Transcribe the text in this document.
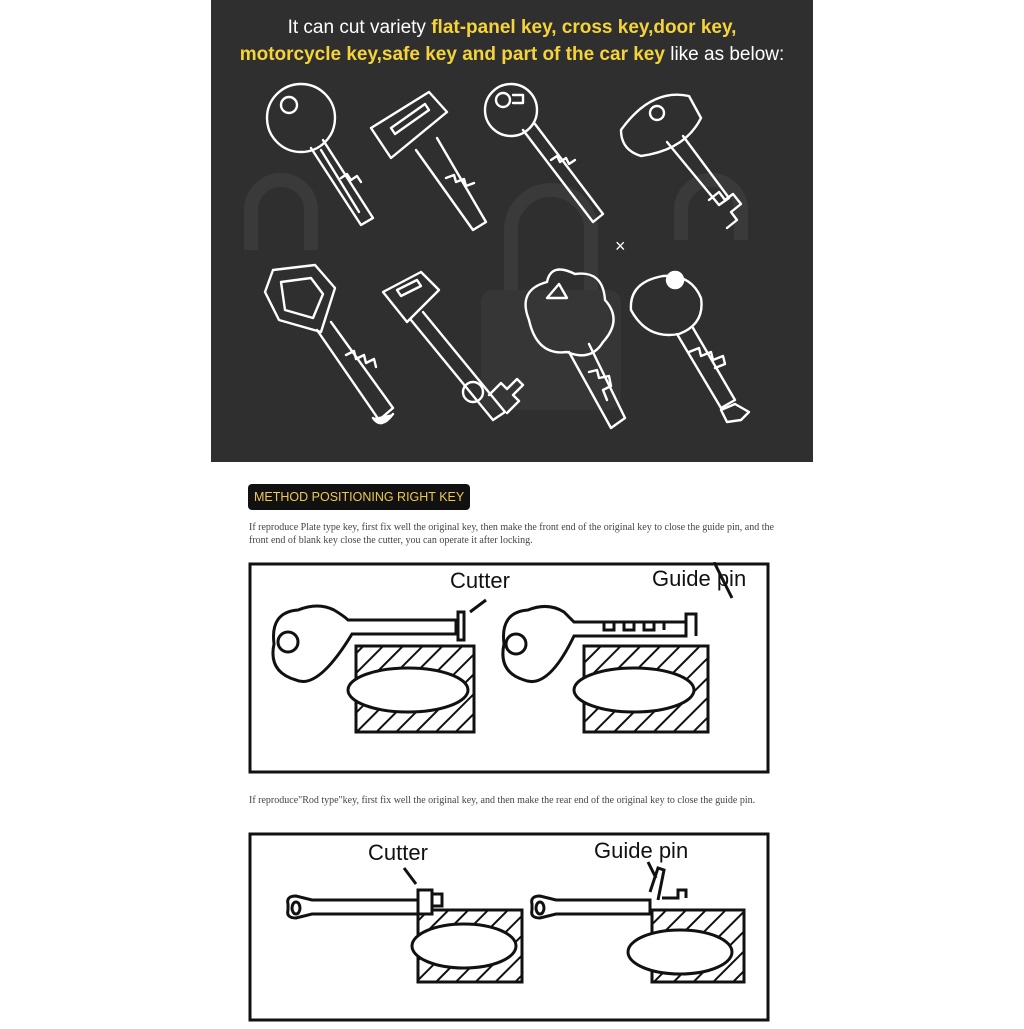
It can cut variety flat-panel key, cross key,door key,
motorcycle key,safe key and part of the car key like as below:
×
METHOD POSITIONING RIGHT KEY
If reproduce Plate type key, first fix well the original key, then make the front end of the original key to close the guide pin, and the front end of blank key close the cutter, you can operate it after locking.
Cutter	Guide pin
If reproduce"Rod type"key, first fix well the original key, and then make the rear end of the original key to close the guide pin.
Cutter	Guide pin
